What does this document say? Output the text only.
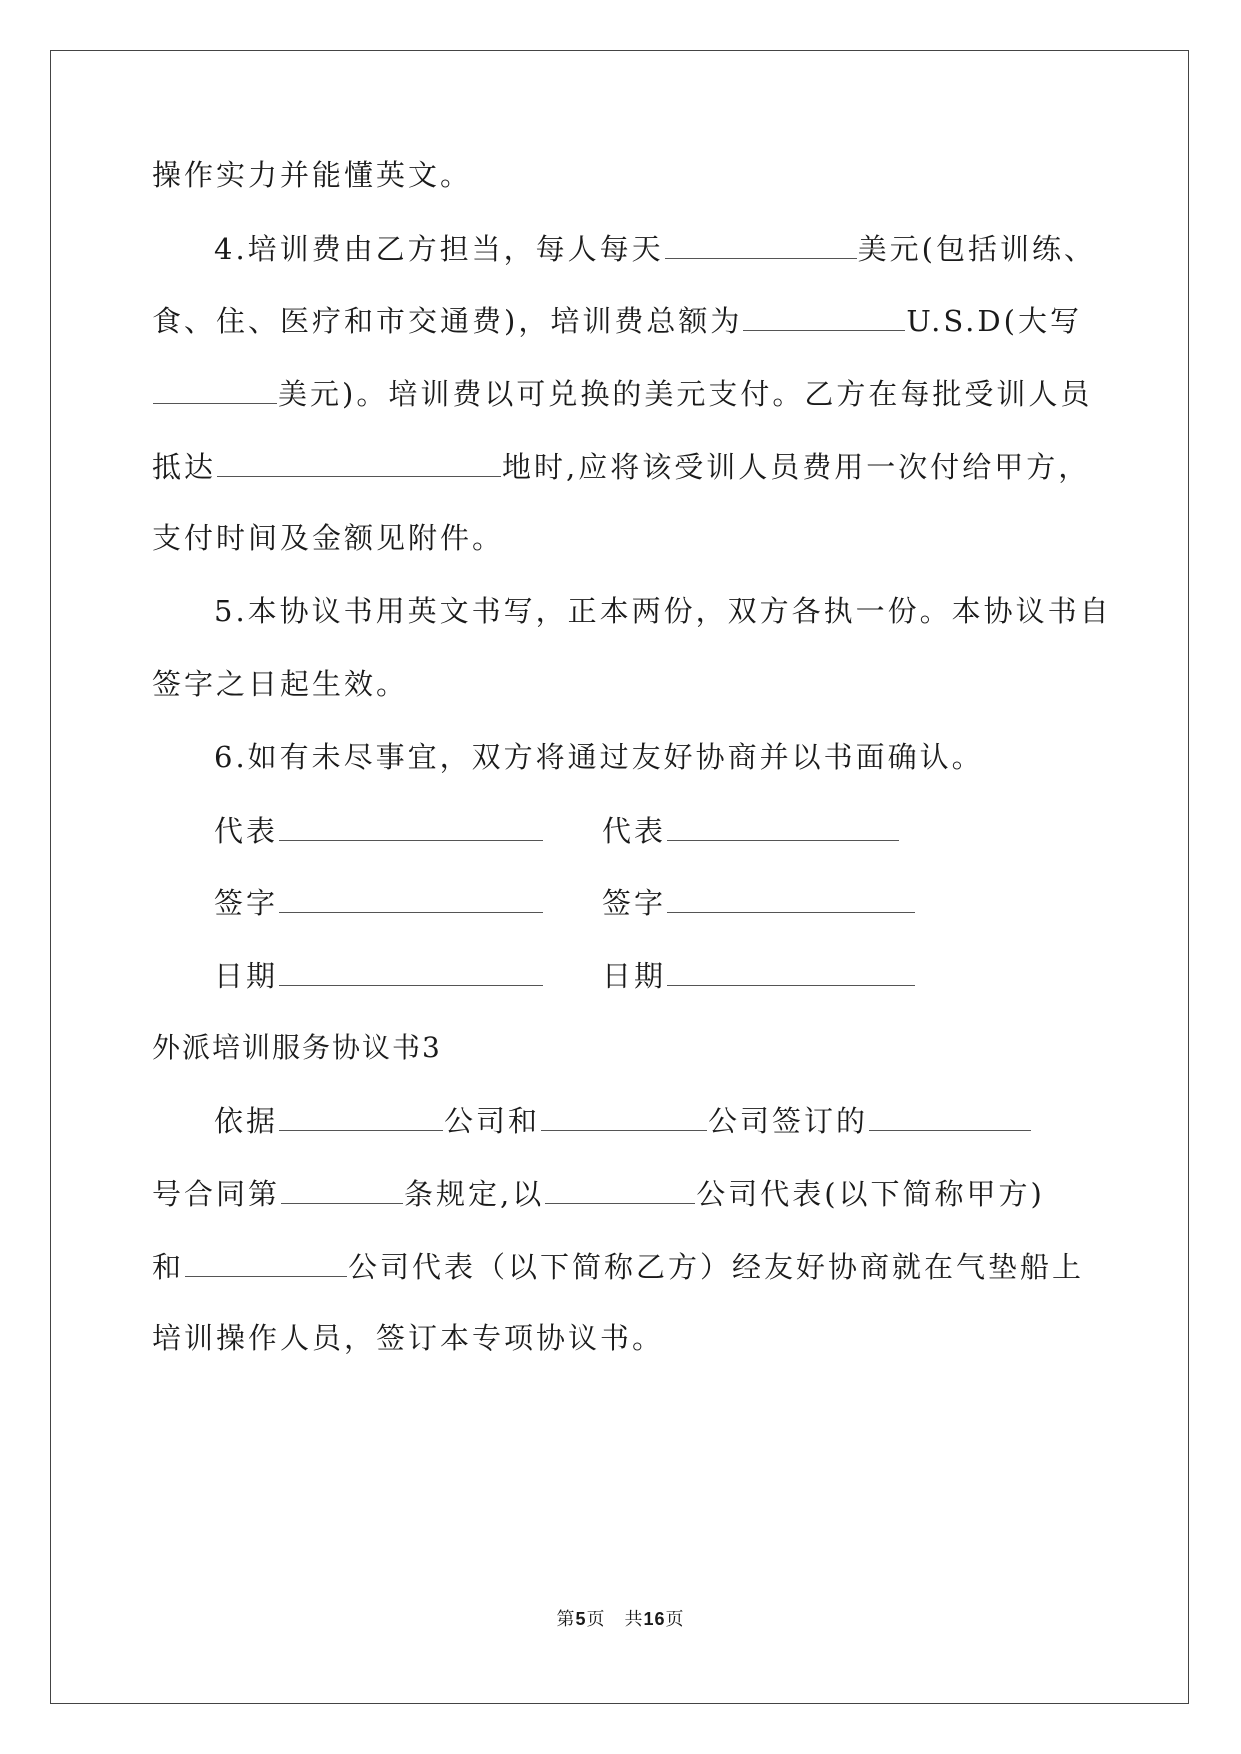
操作实力并能懂英文。
4.培训费由乙方担当，每人每天	美元(包括训练、
食、住、医疗和市交通费)，培训费总额为	U.S.D(大写
美元)。培训费以可兑换的美元支付。乙方在每批受训人员
抵达	地时,应将该受训人员费用一次付给甲方，
支付时间及金额见附件。
5.本协议书用英文书写，正本两份，双方各执一份。本协议书自
签字之日起生效。
6.如有未尽事宜，双方将通过友好协商并以书面确认。
代表	代表
签字	签字
日期	日期
外派培训服务协议书3
依据	公司和	公司签订的
号合同第	条规定,以	公司代表(以下简称甲方)
和	公司代表（以下简称乙方）经友好协商就在气垫船上
培训操作人员，签订本专项协议书。
第5页　共16页
